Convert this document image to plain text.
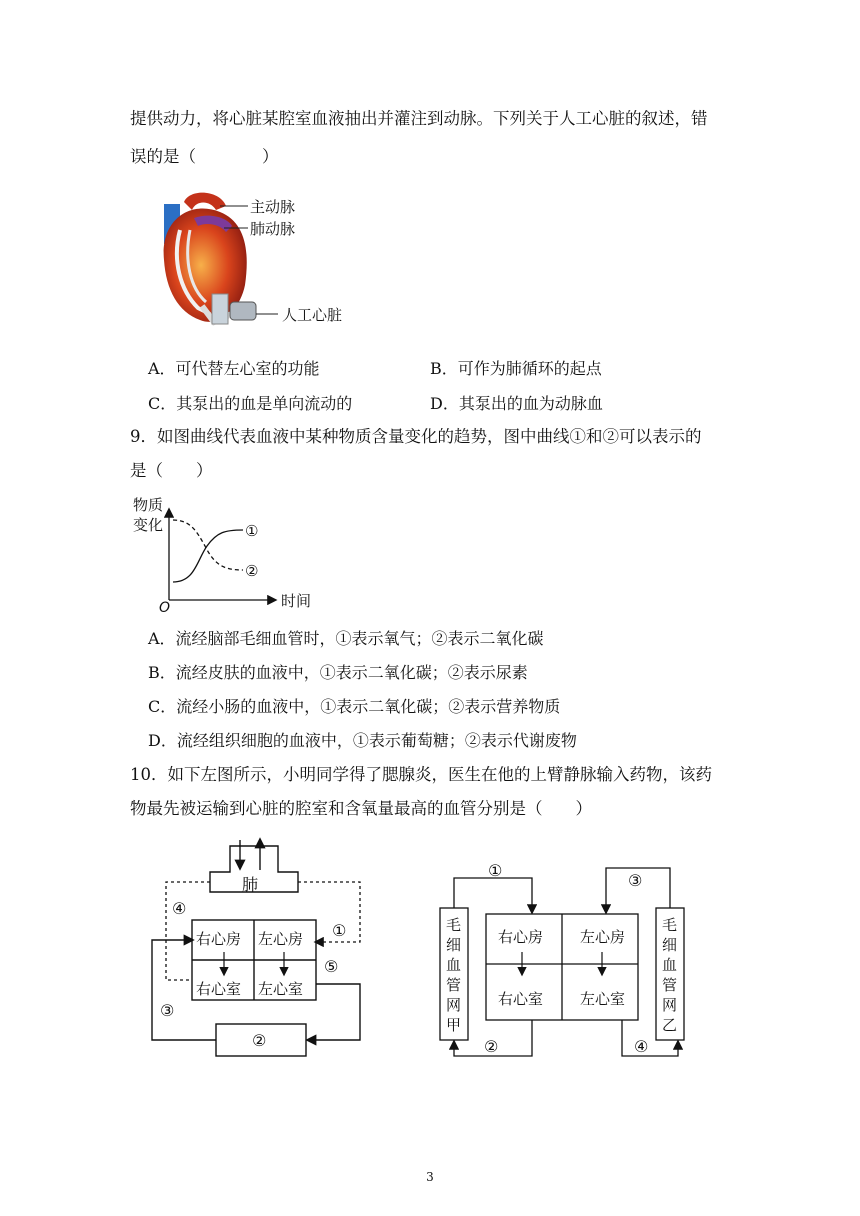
提供动力，将心脏某腔室血液抽出并灌注到动脉。下列关于人工心脏的叙述，错
误的是（　　　　）
主动脉
肺动脉
人工心脏
A．可代替左心室的功能	B．可作为肺循环的起点
C．其泵出的血是单向流动的	D．其泵出的血为动脉血
9．如图曲线代表血液中某种物质含量变化的趋势，图中曲线①和②可以表示的
是（　　）
物质
变化	①
②
O	时间
A．流经脑部毛细血管时，①表示氧气；②表示二氧化碳
B．流经皮肤的血液中，①表示二氧化碳；②表示尿素
C．流经小肠的血液中，①表示二氧化碳；②表示营养物质
D．流经组织细胞的血液中，①表示葡萄糖；②表示代谢废物
10．如下左图所示，小明同学得了腮腺炎，医生在他的上臂静脉输入药物，该药
物最先被运输到心脏的腔室和含氧量最高的血管分别是（　　）
肺
右心房 左心房
右心室 左心室
②
①
④
⑤
③
毛
细
血
管
网
甲
毛
细
血
管
网
乙
右心房 左心房
右心室 左心室
①
③
②	④
3
